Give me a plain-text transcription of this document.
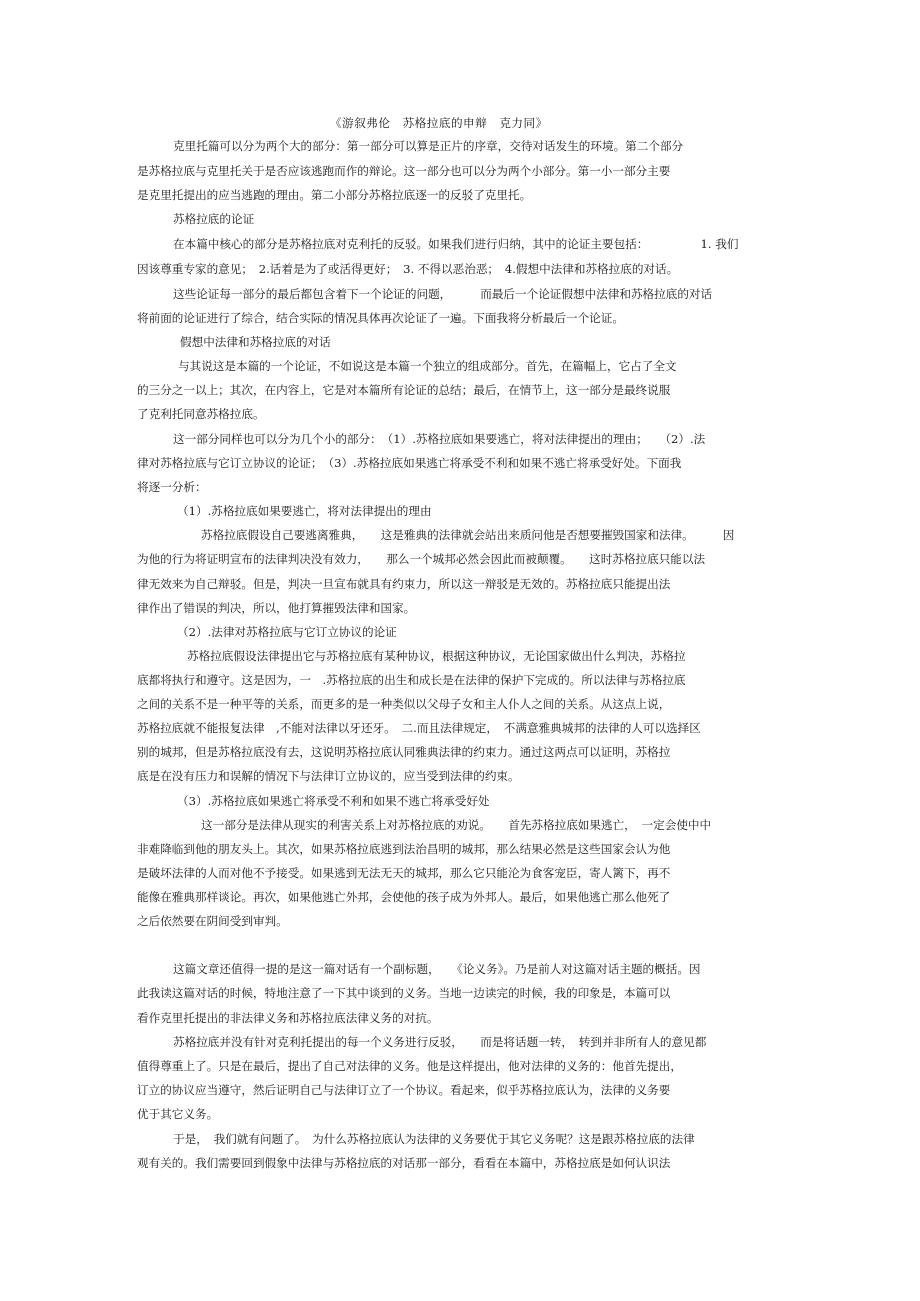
《游叙弗伦　苏格拉底的申辩　克力同》
克里托篇可以分为两个大的部分：第一部分可以算是正片的序章，交待对话发生的环境。第二个部分
是苏格拉底与克里托关于是否应该逃跑而作的辩论。这一部分也可以分为两个小部分。第一小一部分主要
是克里托提出的应当逃跑的理由。第二小部分苏格拉底逐一的反驳了克里托。
苏格拉底的论证
在本篇中核心的部分是苏格拉底对克利托的反驳。如果我们进行归纳，其中的论证主要包括：　　　　　1. 我们
因该尊重专家的意见；　2.话着是为了或活得更好；　3. 不得以恶治恶；　4.假想中法律和苏格拉底的对话。
这些论证每一部分的最后都包含着下一个论证的问题，　　　而最后一个论证假想中法律和苏格拉底的对话
将前面的论证进行了综合，结合实际的情况具体再次论证了一遍。下面我将分析最后一个论证。
假想中法律和苏格拉底的对话
与其说这是本篇的一个论证，不如说这是本篇一个独立的组成部分。首先，在篇幅上，它占了全文
的三分之一以上；其次，在内容上，它是对本篇所有论证的总结；最后，在情节上，这一部分是最终说服
了克利托同意苏格拉底。
这一部分同样也可以分为几个小的部分：　（1）.苏格拉底如果要逃亡，将对法律提出的理由；　　（2）.法
律对苏格拉底与它订立协议的论证；　（3）.苏格拉底如果逃亡将承受不利和如果不逃亡将承受好处。下面我
将逐一分析：
（1）.苏格拉底如果要逃亡，将对法律提出的理由
苏格拉底假设自己要逃离雅典，　　这是雅典的法律就会站出来质问他是否想要摧毁国家和法律。　　　因
为他的行为将证明宣布的法律判决没有效力，　　那么一个城邦必然会因此而被颠覆。　　这时苏格拉底只能以法
律无效来为自己辩驳。但是，判决一旦宣布就具有约束力，所以这一辩驳是无效的。苏格拉底只能提出法
律作出了错误的判决，所以，他打算摧毁法律和国家。
（2）.法律对苏格拉底与它订立协议的论证
苏格拉底假设法律提出它与苏格拉底有某种协议，根据这种协议，无论国家做出什么判决，苏格拉
底都将执行和遵守。这是因为，一　.苏格拉底的出生和成长是在法律的保护下完成的。所以法律与苏格拉底
之间的关系不是一种平等的关系，而更多的是一种类似以父母子女和主人仆人之间的关系。从这点上说，
苏格拉底就不能报复法律　,不能对法律以牙还牙。　二.而且法律规定，　不满意雅典城邦的法律的人可以选择区
别的城邦，但是苏格拉底没有去，这说明苏格拉底认同雅典法律的约束力。通过这两点可以证明，苏格拉
底是在没有压力和误解的情况下与法律订立协议的，应当受到法律的约束。
（3）.苏格拉底如果逃亡将承受不利和如果不逃亡将承受好处
这一部分是法律从现实的利害关系上对苏格拉底的劝说。　　首先苏格拉底如果逃亡，　一定会使中中
非难降临到他的朋友头上。其次，如果苏格拉底逃到法治昌明的城邦，那么结果必然是这些国家会认为他
是破坏法律的人而对他不予接受。如果逃到无法无天的城邦，那么它只能沦为食客宠臣，寄人篱下，再不
能像在雅典那样谈论。再次，如果他逃亡外邦，会使他的孩子成为外邦人。最后，如果他逃亡那么他死了
之后依然要在阴间受到审判。
这篇文章还值得一提的是这一篇对话有一个副标题，　　《论义务》。乃是前人对这篇对话主题的概括。因
此我读这篇对话的时候，特地注意了一下其中谈到的义务。当地一边读完的时候，我的印象是，本篇可以
看作克里托提出的非法律义务和苏格拉底法律义务的对抗。
苏格拉底并没有针对克利托提出的每一个义务进行反驳，　　而是将话题一转，　转到并非所有人的意见都
值得尊重上了。只是在最后，提出了自己对法律的义务。他是这样提出，他对法律的义务的：他首先提出，
订立的协议应当遵守，然后证明自己与法律订立了一个协议。看起来，似乎苏格拉底认为，法律的义务要
优于其它义务。
于是，　我们就有问题了。　为什么苏格拉底认为法律的义务要优于其它义务呢？这是跟苏格拉底的法律
观有关的。我们需要回到假象中法律与苏格拉底的对话那一部分，看看在本篇中，苏格拉底是如何认识法
